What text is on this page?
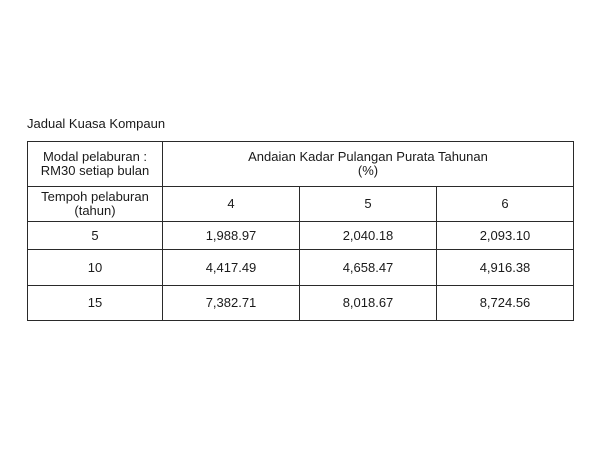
Jadual Kuasa Kompaun
Modal pelaburan :
RM30 setiap bulan	Andaian Kadar Pulangan Purata Tahunan
(%)		

Tempoh pelaburan
(tahun)	4	5	6
5	1,988.97	2,040.18	2,093.10
10	4,417.49	4,658.47	4,916.38
15	7,382.71	8,018.67	8,724.56
